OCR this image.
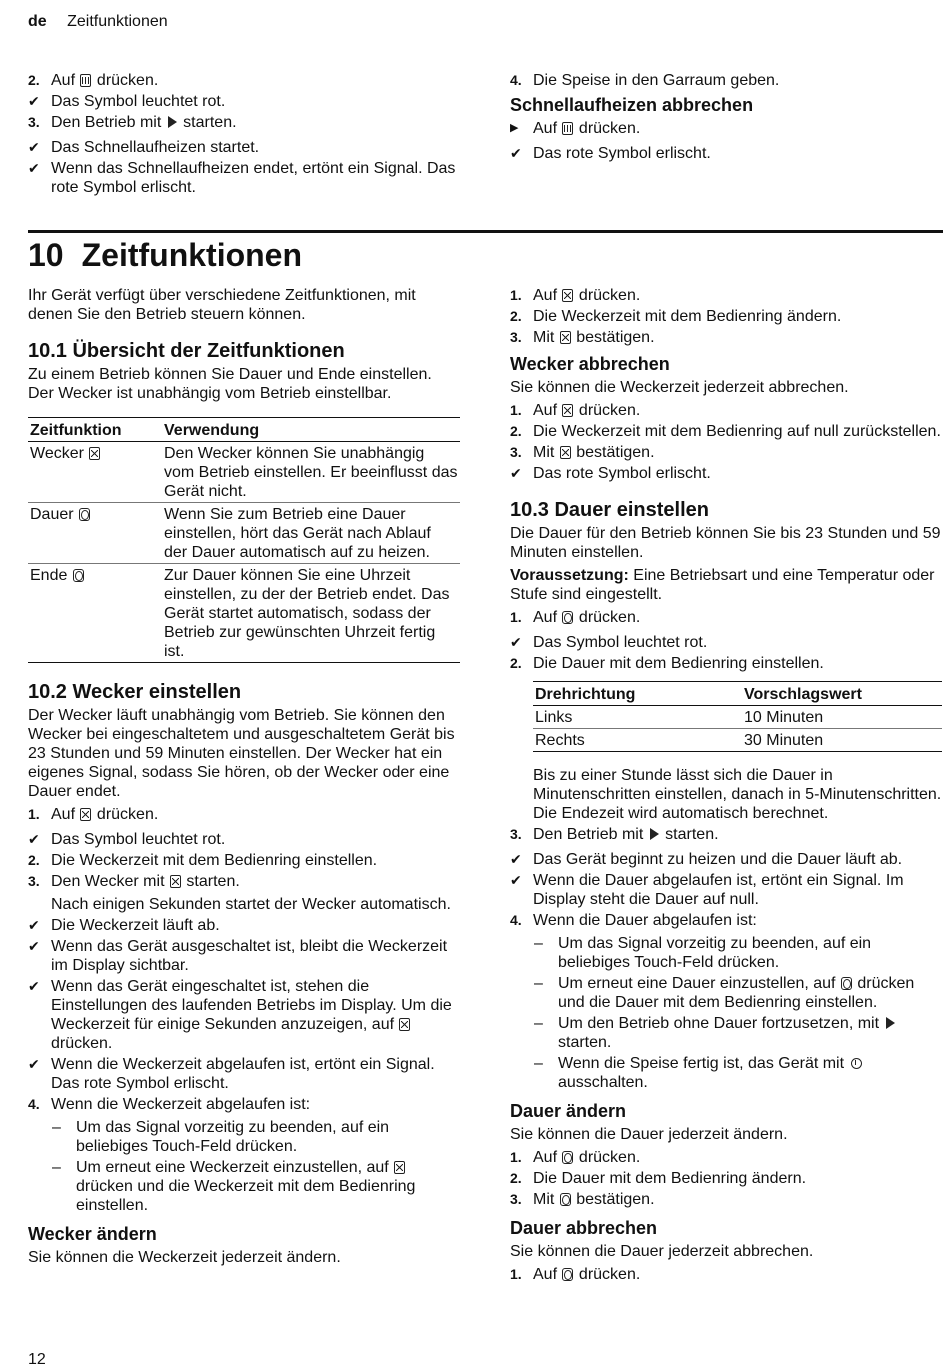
de Zeitfunktionen
2. Auf drücken.
✔ Das Symbol leuchtet rot.
3. Den Betrieb mit starten.
✔ Das Schnellaufheizen startet.
✔ Wenn das Schnellaufheizen endet, ertönt ein Signal. Das rote Symbol erlischt.
4. Die Speise in den Garraum geben.
Schnellaufheizen abbrechen
▶ Auf drücken.
✔ Das rote Symbol erlischt.
10 Zeitfunktionen

Ihr Gerät verfügt über verschiedene Zeitfunktionen, mit denen Sie den Betrieb steuern können.

10.1 Übersicht der Zeitfunktionen

Zu einem Betrieb können Sie Dauer und Ende einstellen. Der Wecker ist unabhängig vom Betrieb einstellbar.

Zeitfunktion	Verwendung
Wecker	Den Wecker können Sie unabhängig vom Betrieb einstellen. Er beeinflusst das Gerät nicht.
Dauer	Wenn Sie zum Betrieb eine Dauer einstellen, hört das Gerät nach Ablauf der Dauer automatisch auf zu heizen.
Ende	Zur Dauer können Sie eine Uhrzeit einstellen, zu der der Betrieb endet. Das Gerät startet automatisch, sodass der Betrieb zur gewünschten Uhrzeit fertig ist.
10.2 Wecker einstellen

Der Wecker läuft unabhängig vom Betrieb. Sie können den Wecker bei eingeschaltetem und ausgeschaltetem Gerät bis 23 Stunden und 59 Minuten einstellen. Der Wecker hat ein eigenes Signal, sodass Sie hören, ob der Wecker oder eine Dauer endet.

1. Auf drücken.
✔ Das Symbol leuchtet rot.
2. Die Weckerzeit mit dem Bedienring einstellen.
3. Den Wecker mit starten.
Nach einigen Sekunden startet der Wecker automatisch.
✔ Die Weckerzeit läuft ab.
✔ Wenn das Gerät ausgeschaltet ist, bleibt die Weckerzeit im Display sichtbar.
✔ Wenn das Gerät eingeschaltet ist, stehen die Einstellungen des laufenden Betriebs im Display. Um die Weckerzeit für einige Sekunden anzuzeigen, auf  drücken.
✔ Wenn die Weckerzeit abgelaufen ist, ertönt ein Signal. Das rote Symbol erlischt.
4. Wenn die Weckerzeit abgelaufen ist:
– Um das Signal vorzeitig zu beenden, auf ein beliebiges Touch-Feld drücken.
– Um erneut eine Weckerzeit einzustellen, auf  drücken und die Weckerzeit mit dem Bedienring einstellen.
Wecker ändern

Sie können die Weckerzeit jederzeit ändern.

1. Auf drücken.
2. Die Weckerzeit mit dem Bedienring ändern.
3. Mit bestätigen.
Wecker abbrechen

Sie können die Weckerzeit jederzeit abbrechen.

1. Auf drücken.
2. Die Weckerzeit mit dem Bedienring auf null zurückstellen.
3. Mit bestätigen.
✔ Das rote Symbol erlischt.
10.3 Dauer einstellen

Die Dauer für den Betrieb können Sie bis 23 Stunden und 59 Minuten einstellen.

Voraussetzung: Eine Betriebsart und eine Temperatur oder Stufe sind eingestellt.

1. Auf drücken.
✔ Das Symbol leuchtet rot.
2. Die Dauer mit dem Bedienring einstellen.
Drehrichtung	Vorschlagswert
Links	10 Minuten
Rechts	30 Minuten
Bis zu einer Stunde lässt sich die Dauer in Minutenschritten einstellen, danach in 5-Minutenschritten. Die Endezeit wird automatisch berechnet.
3. Den Betrieb mit starten.
✔ Das Gerät beginnt zu heizen und die Dauer läuft ab.
✔ Wenn die Dauer abgelaufen ist, ertönt ein Signal. Im Display steht die Dauer auf null.
4. Wenn die Dauer abgelaufen ist:
– Um das Signal vorzeitig zu beenden, auf ein beliebiges Touch-Feld drücken.
– Um erneut eine Dauer einzustellen, auf drücken und die Dauer mit dem Bedienring einstellen.
– Um den Betrieb ohne Dauer fortzusetzen, mit  starten.
– Wenn die Speise fertig ist, das Gerät mit  ausschalten.
Dauer ändern

Sie können die Dauer jederzeit ändern.

1. Auf drücken.
2. Die Dauer mit dem Bedienring ändern.
3. Mit bestätigen.
Dauer abbrechen

Sie können die Dauer jederzeit abbrechen.

1. Auf drücken.
12
